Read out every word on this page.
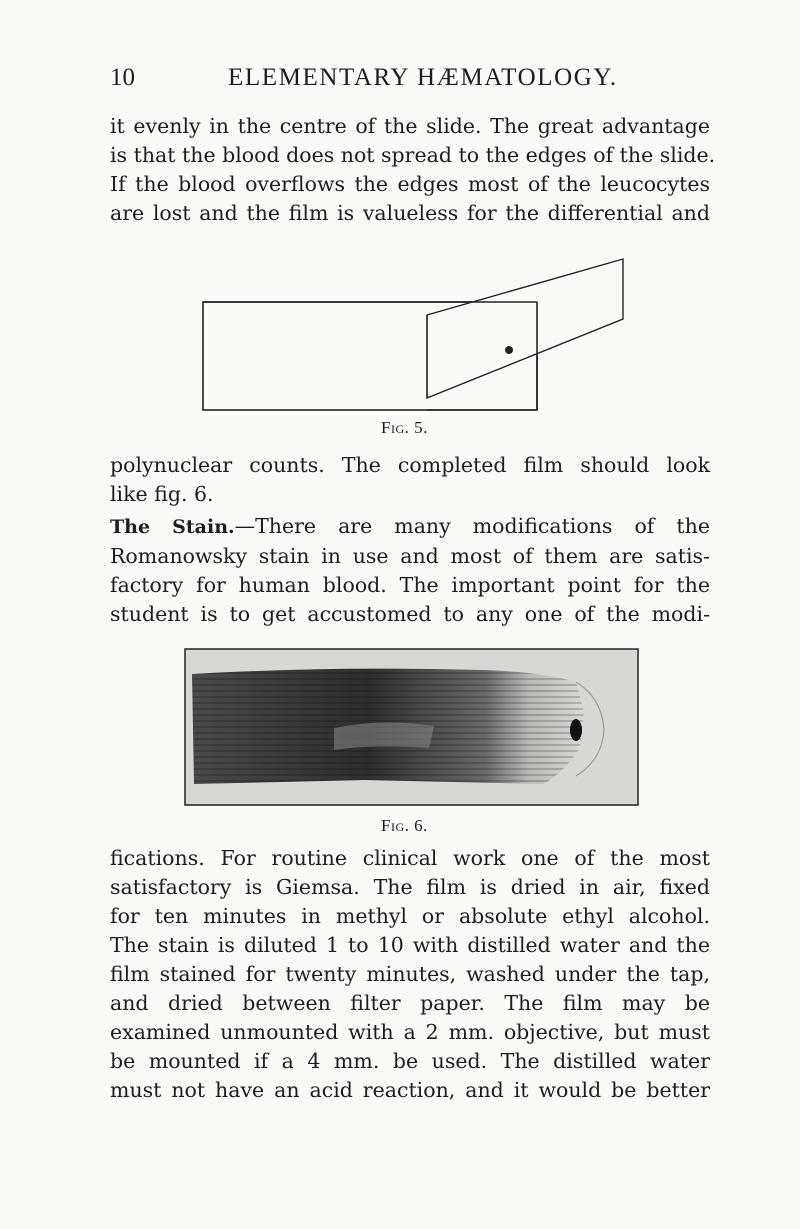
10	ELEMENTARY HÆMATOLOGY.

it evenly in the centre of the slide. The great advantage
is that the blood does not spread to the edges of the slide.
If the blood overflows the edges most of the leucocytes
are lost and the film is valueless for the differential and

Fig. 5.

polynuclear counts. The completed film should look
like fig. 6.

The Stain.—There are many modifications of the
Romanowsky stain in use and most of them are satis-
factory for human blood. The important point for the
student is to get accustomed to any one of the modi-

Fig. 6.

fications. For routine clinical work one of the most
satisfactory is Giemsa. The film is dried in air, fixed
for ten minutes in methyl or absolute ethyl alcohol.
The stain is diluted 1 to 10 with distilled water and the
film stained for twenty minutes, washed under the tap,
and dried between filter paper. The film may be
examined unmounted with a 2 mm. objective, but must
be mounted if a 4 mm. be used. The distilled water
must not have an acid reaction, and it would be better
